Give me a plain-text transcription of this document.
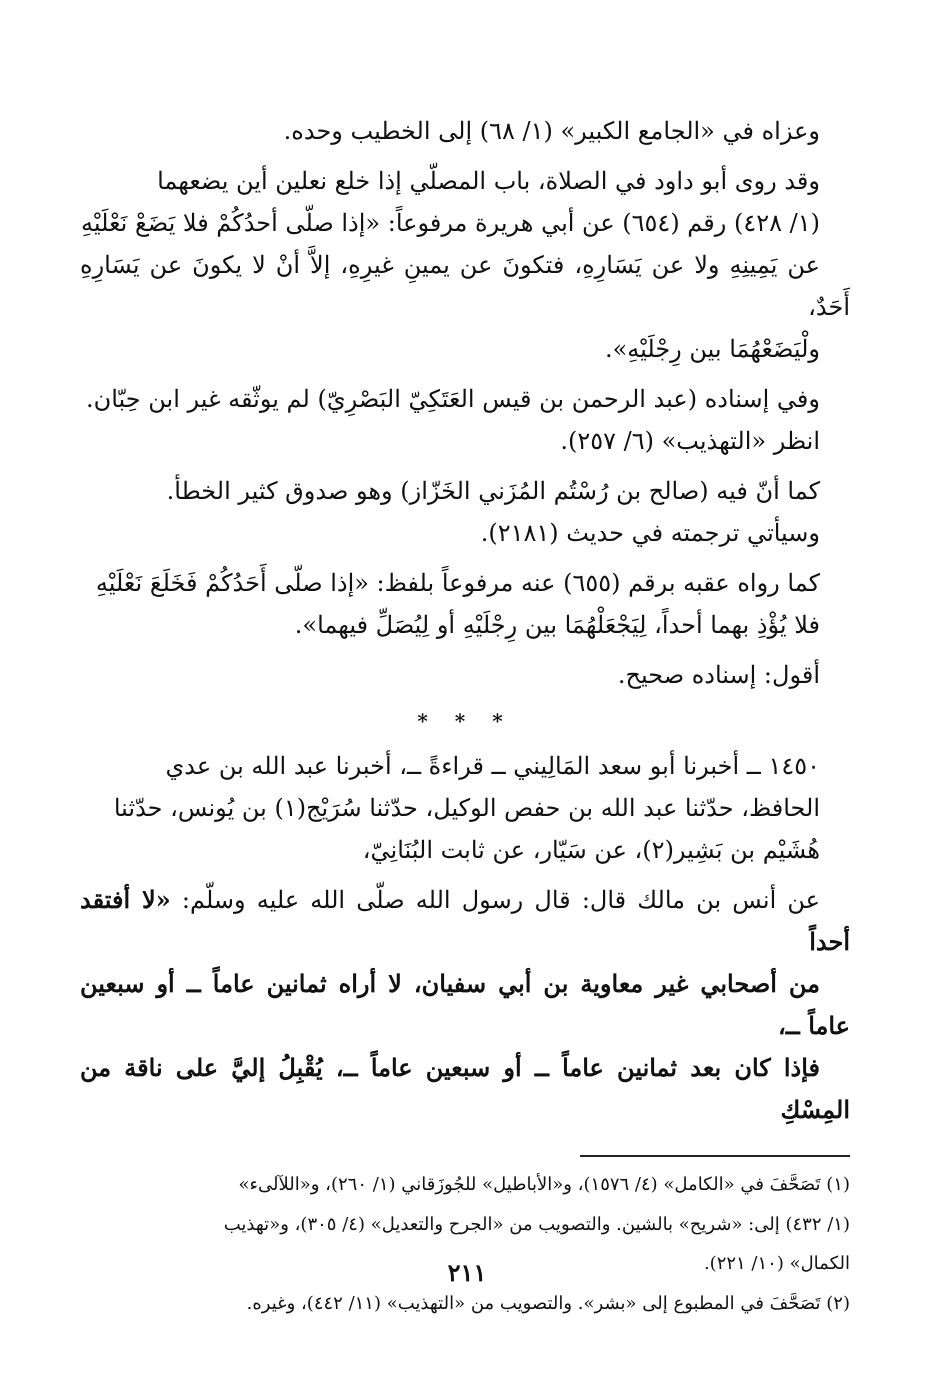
وعزاه في «الجامع الكبير» (١/ ٦٨) إلى الخطيب وحده.

وقد روى أبو داود في الصلاة، باب المصلّي إذا خلع نعلين أين يضعهما

(١/ ٤٢٨) رقم (٦٥٤) عن أبي هريرة مرفوعاً: «إذا صلّى أحدُكُمْ فلا يَضَعْ نَعْلَيْهِ

عن يَمِينِهِ ولا عن يَسَارِهِ، فتكونَ عن يمينِ غيرِهِ، إلاَّ أنْ لا يكونَ عن يَسَارِهِ أَحَدٌ،

ولْيَضَعْهُمَا بين رِجْلَيْهِ».

وفي إسناده (عبد الرحمن بن قيس العَتَكِيّ البَصْرِيّ) لم يوثّقه غير ابن حِبّان.

انظر «التهذيب» (٦/ ٢٥٧).

كما أنّ فيه (صالح بن رُسْتُم المُزَني الخَزّاز) وهو صدوق كثير الخطأ.

وسيأتي ترجمته في حديث (٢١٨١).

كما رواه عقبه برقم (٦٥٥) عنه مرفوعاً بلفظ: «إذا صلّى أَحَدُكُمْ فَخَلَعَ نَعْلَيْهِ

فلا يُؤْذِ بهما أحداً، لِيَجْعَلْهُمَا بين رِجْلَيْهِ أو لِيُصَلِّ فيهما».

أقول: إسناده صحيح.

* * *

١٤٥٠ ــ أخبرنا أبو سعد المَالِيني ــ قراءةً ــ، أخبرنا عبد الله بن عدي

الحافظ، حدّثنا عبد الله بن حفص الوكيل، حدّثنا سُرَيْج(١) بن يُونس، حدّثنا

هُشَيْم بن بَشِير(٢)، عن سَيّار، عن ثابت البُنَانِيّ،

عن أنس بن مالك قال: قال رسول الله صلّى الله عليه وسلّم: «لا أفتقد أحداً

من أصحابي غير معاوية بن أبي سفيان، لا أراه ثمانين عاماً ــ أو سبعين عاماً ــ،

فإذا كان بعد ثمانين عاماً ــ أو سبعين عاماً ــ، يُقْبِلُ إليَّ على ناقة من المِسْكِ

(١) تَصَحَّفَ في «الكامل» (٤/ ١٥٧٦)، و«الأباطيل» للجُوزَقاني (١/ ٢٦٠)، و«اللآلىء»

(١/ ٤٣٢) إلى: «شريح» بالشين. والتصويب من «الجرح والتعديل» (٤/ ٣٠٥)، و«تهذيب

الكمال» (١٠/ ٢٢١).

(٢) تَصَحَّفَ في المطبوع إلى «بشر». والتصويب من «التهذيب» (١١/ ٤٤٢)، وغيره.

٢١١
